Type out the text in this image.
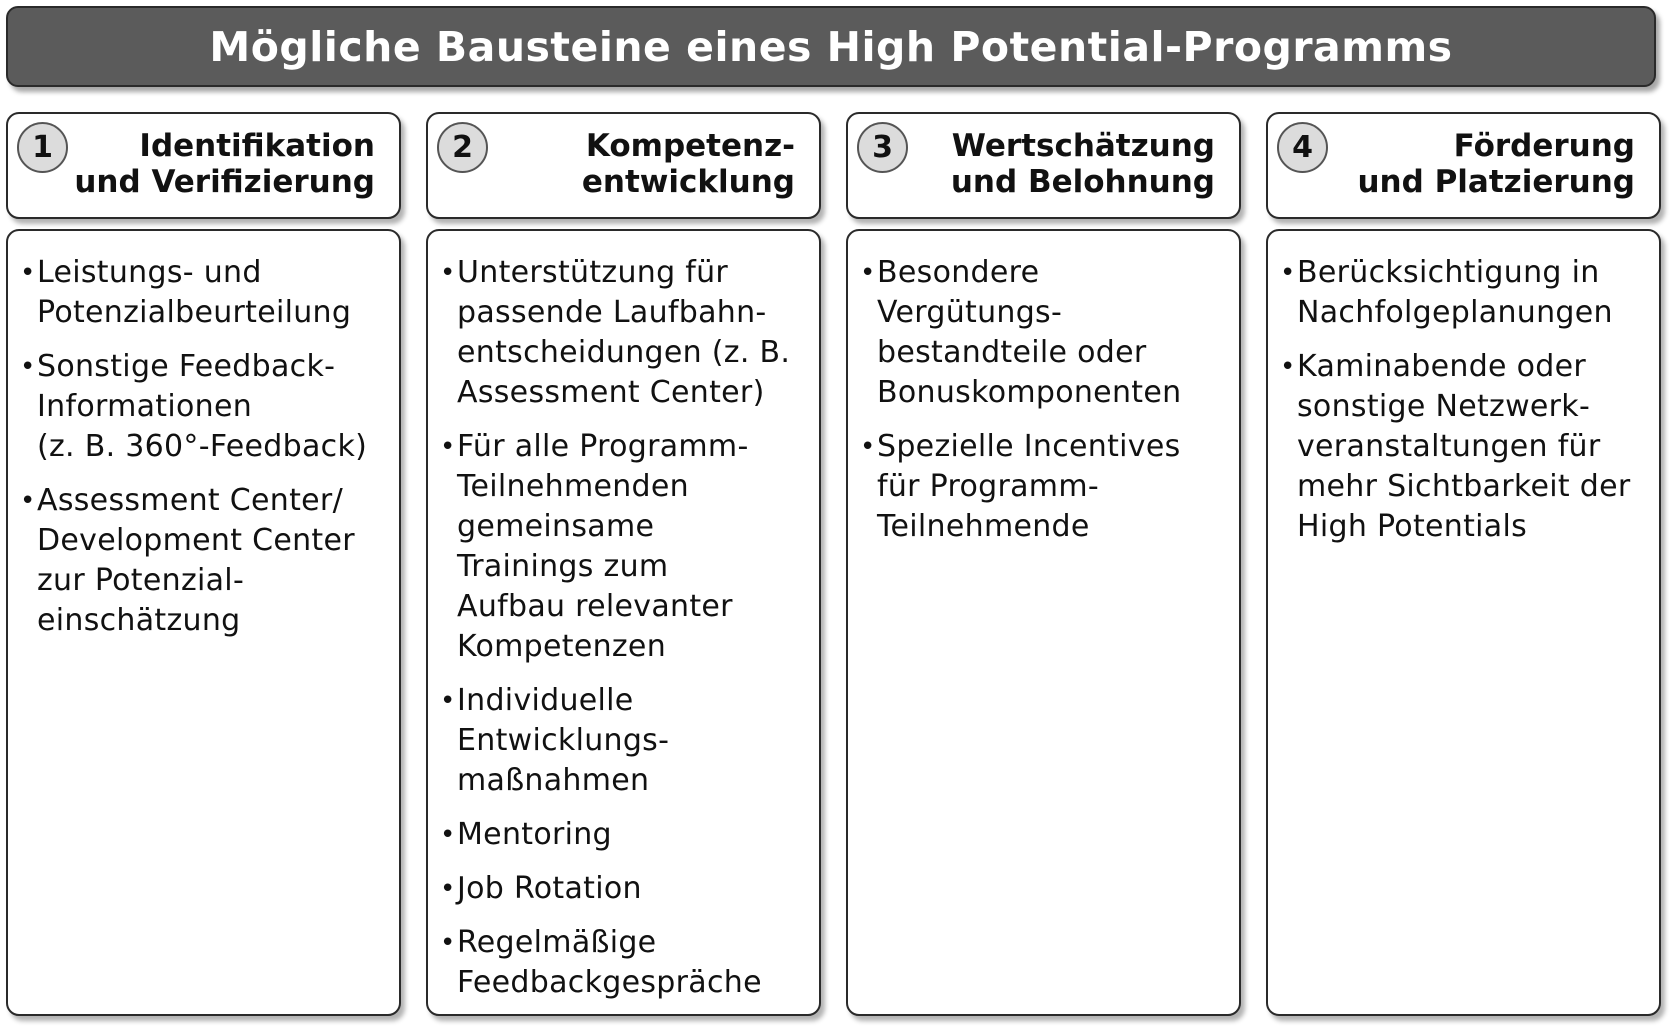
Mögliche Bausteine eines High Potential-Programms
1	Identifikation
und Verifizierung
• Leistungs- und
Potenzialbeurteilung
• Sonstige Feedback-
Informationen
(z. B. 360°-Feedback)
• Assessment Center/
Development Center
zur Potenzial-
einschätzung
2	Kompetenz-
entwicklung
• Unterstützung für
passende Laufbahn-
entscheidungen (z. B.
Assessment Center)
• Für alle Programm-
Teilnehmenden
gemeinsame
Trainings zum
Aufbau relevanter
Kompetenzen
• Individuelle
Entwicklungs-
maßnahmen
• Mentoring
• Job Rotation
• Regelmäßige
Feedbackgespräche
3	Wertschätzung
und Belohnung
• Besondere
Vergütungs-
bestandteile oder
Bonuskomponenten
• Spezielle Incentives
für Programm-
Teilnehmende
4	Förderung
und Platzierung
• Berücksichtigung in
Nachfolgeplanungen
• Kaminabende oder
sonstige Netzwerk-
veranstaltungen für
mehr Sichtbarkeit der
High Potentials
